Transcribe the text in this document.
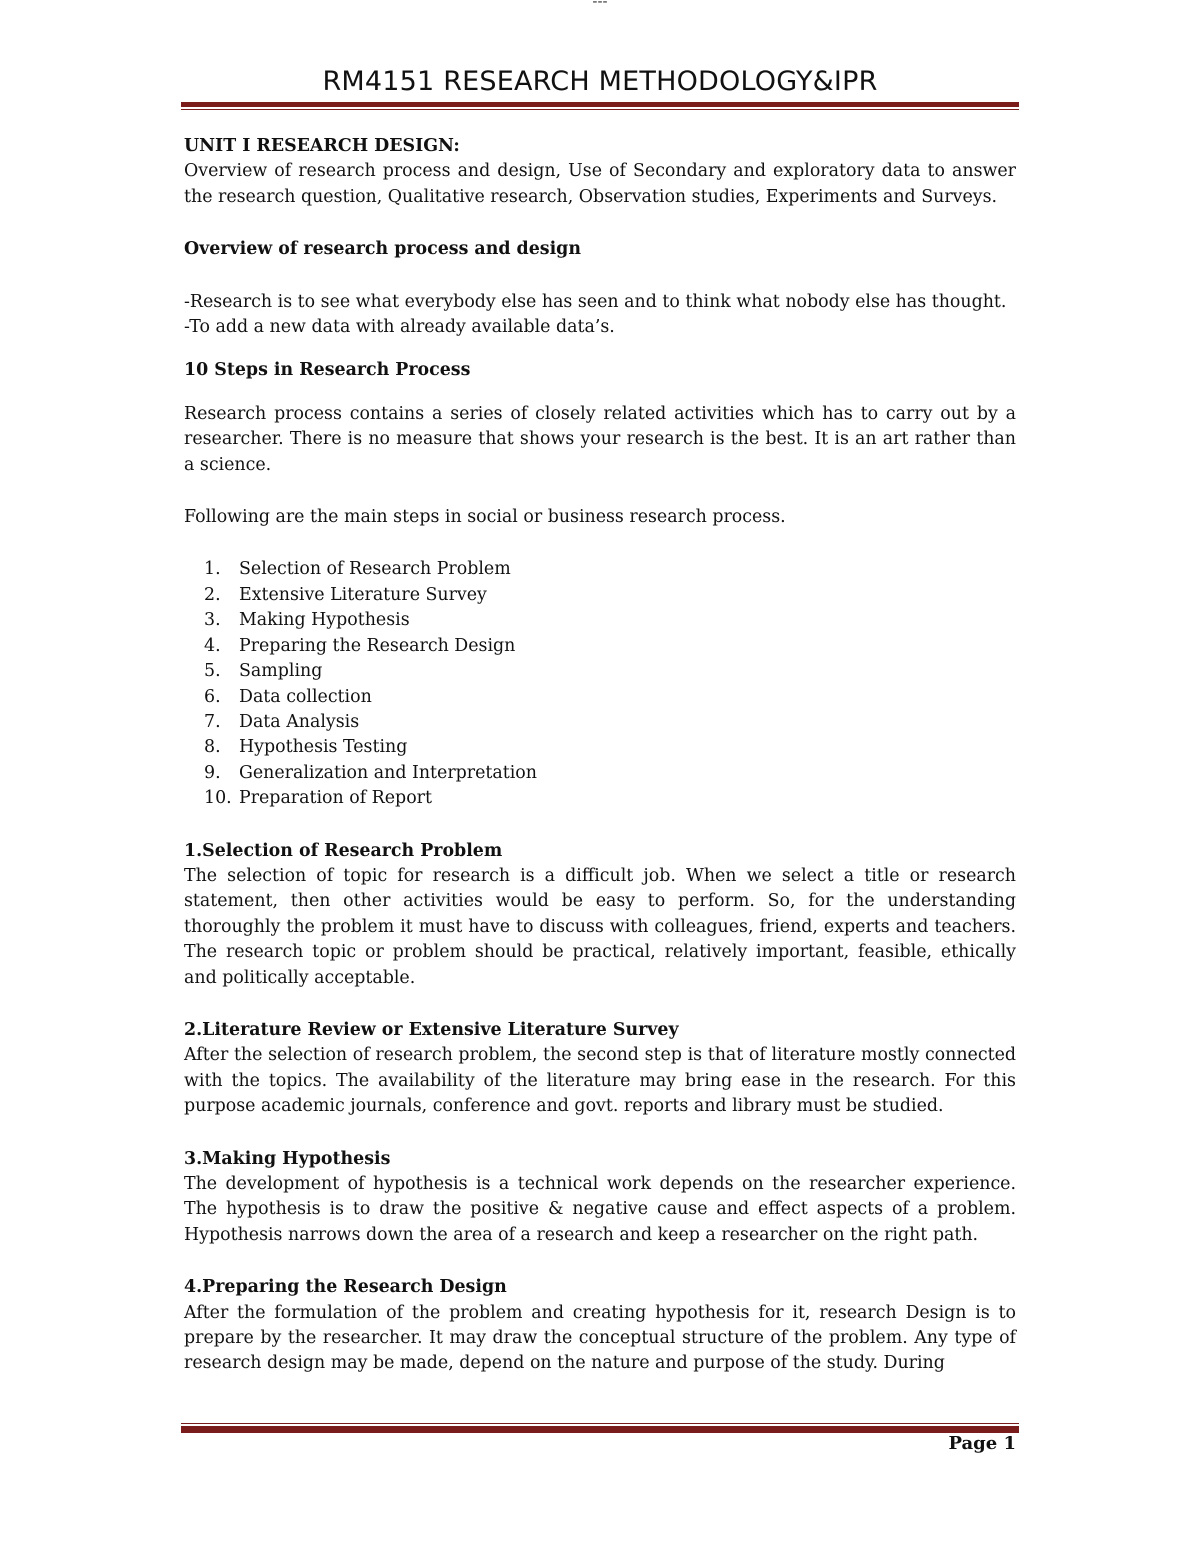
---
RM4151 RESEARCH METHODOLOGY&IPR

UNIT I RESEARCH DESIGN:

Overview of research process and design, Use of Secondary and exploratory data to answer the research question, Qualitative research, Observation studies, Experiments and Surveys.

Overview of research process and design

-Research is to see what everybody else has seen and to think what nobody else has thought.

-To add a new data with already available data’s.

10 Steps in Research Process

Research process contains a series of closely related activities which has to carry out by a researcher. There is no measure that shows your research is the best. It is an art rather than a science.

Following are the main steps in social or business research process.

1.	Selection of Research Problem
2.	Extensive Literature Survey
3.	Making Hypothesis
4.	Preparing the Research Design
5.	Sampling
6.	Data collection
7.	Data Analysis
8.	Hypothesis Testing
9.	Generalization and Interpretation
10. Preparation of Report

1.Selection of Research Problem

The selection of topic for research is a difficult job. When we select a title or research statement, then other activities would be easy to perform. So, for the understanding thoroughly the problem it must have to discuss with colleagues, friend, experts and teachers. The research topic or problem should be practical, relatively important, feasible, ethically and politically acceptable.

2.Literature Review or Extensive Literature Survey

After the selection of research problem, the second step is that of literature mostly connected with the topics. The availability of the literature may bring ease in the research. For this purpose academic journals, conference and govt. reports and library must be studied.

3.Making Hypothesis

The development of hypothesis is a technical work depends on the researcher experience. The hypothesis is to draw the positive & negative cause and effect aspects of a problem. Hypothesis narrows down the area of a research and keep a researcher on the right path.

4.Preparing the Research Design

After the formulation of the problem and creating hypothesis for it, research Design is to prepare by the researcher. It may draw the conceptual structure of the problem. Any type of research design may be made, depend on the nature and purpose of the study. During

Page 1
